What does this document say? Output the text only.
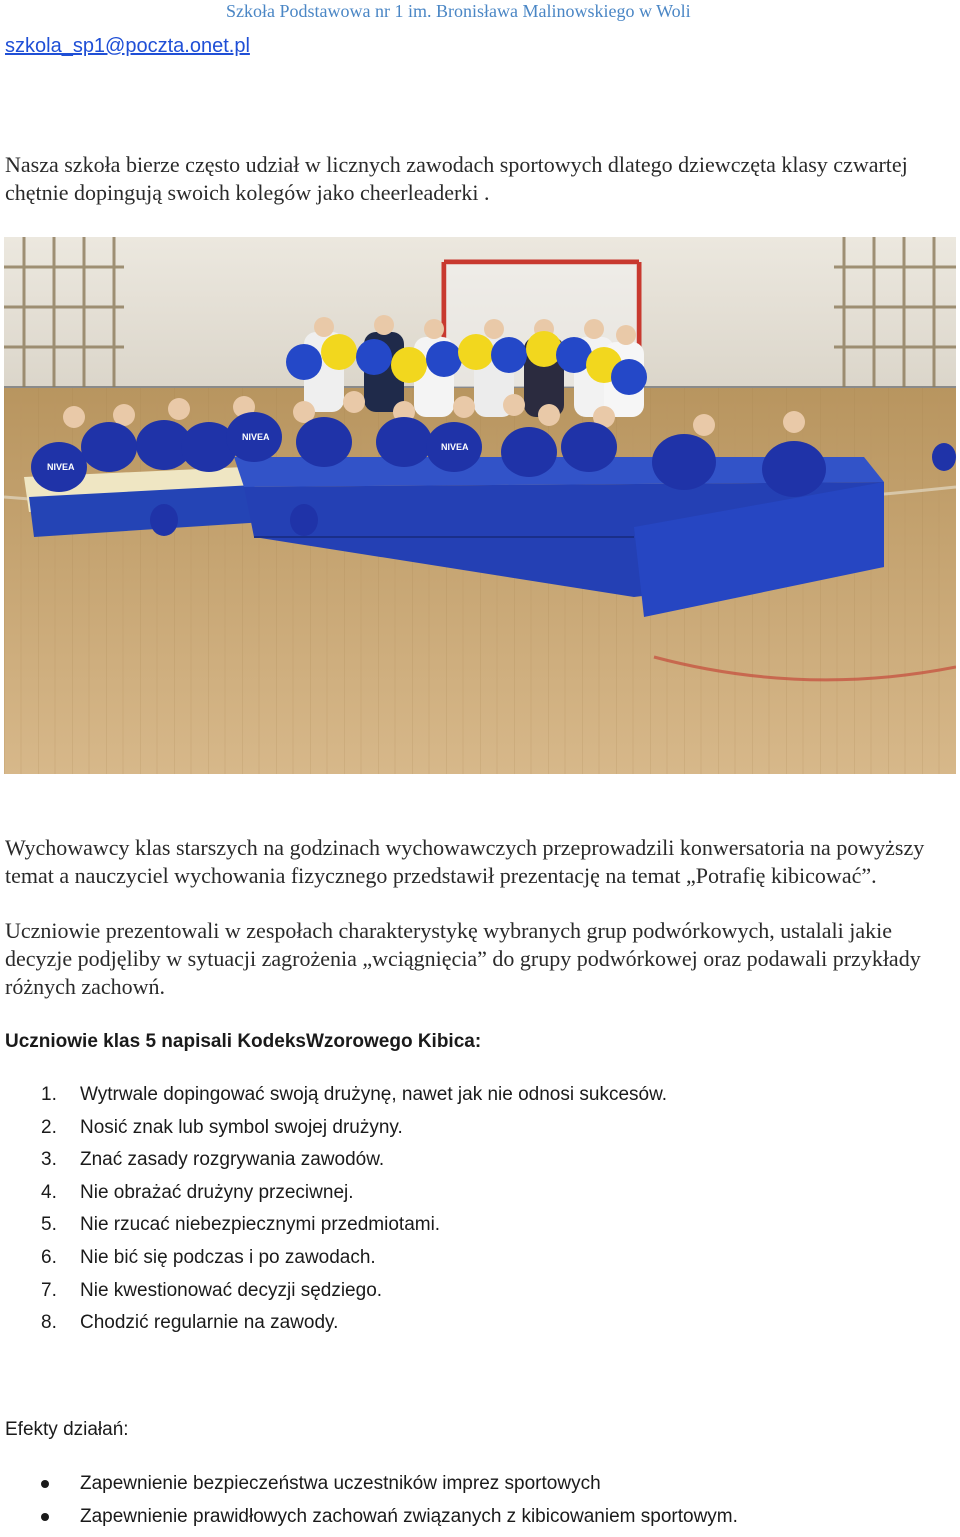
Szkoła Podstawowa nr 1 im. Bronisława Malinowskiego w Woli
szkola_sp1@poczta.onet.pl

Nasza szkoła bierze często udział w licznych zawodach sportowych dlatego dziewczęta klasy czwartej chętnie dopingują swoich kolegów jako cheerleaderki .

NIVEA
NIVEA
NIVEA

Wychowawcy klas starszych na godzinach wychowawczych przeprowadzili konwersatoria na powyższy temat a nauczyciel wychowania fizycznego przedstawił prezentację na temat „Potrafię kibicować”.

Uczniowie prezentowali w zespołach charakterystykę wybranych grup podwórkowych, ustalali jakie decyzje podjęliby w sytuacji zagrożenia „wciągnięcia” do grupy podwórkowej oraz podawali przykłady różnych zachowń.

Uczniowie klas 5 napisali KodeksWzorowego Kibica:

1.	Wytrwale dopingować swoją drużynę, nawet jak nie odnosi sukcesów.
2.	Nosić znak lub symbol swojej drużyny.
3.	Znać zasady rozgrywania zawodów.
4.	Nie obrażać drużyny przeciwnej.
5.	Nie rzucać niebezpiecznymi przedmiotami.
6.	Nie bić się podczas i po zawodach.
7.	Nie kwestionować decyzji sędziego.
8.	Chodzić regularnie na zawody.

Efekty działań:

Zapewnienie bezpieczeństwa uczestników imprez sportowych
Zapewnienie prawidłowych zachowań związanych z kibicowaniem sportowym.
